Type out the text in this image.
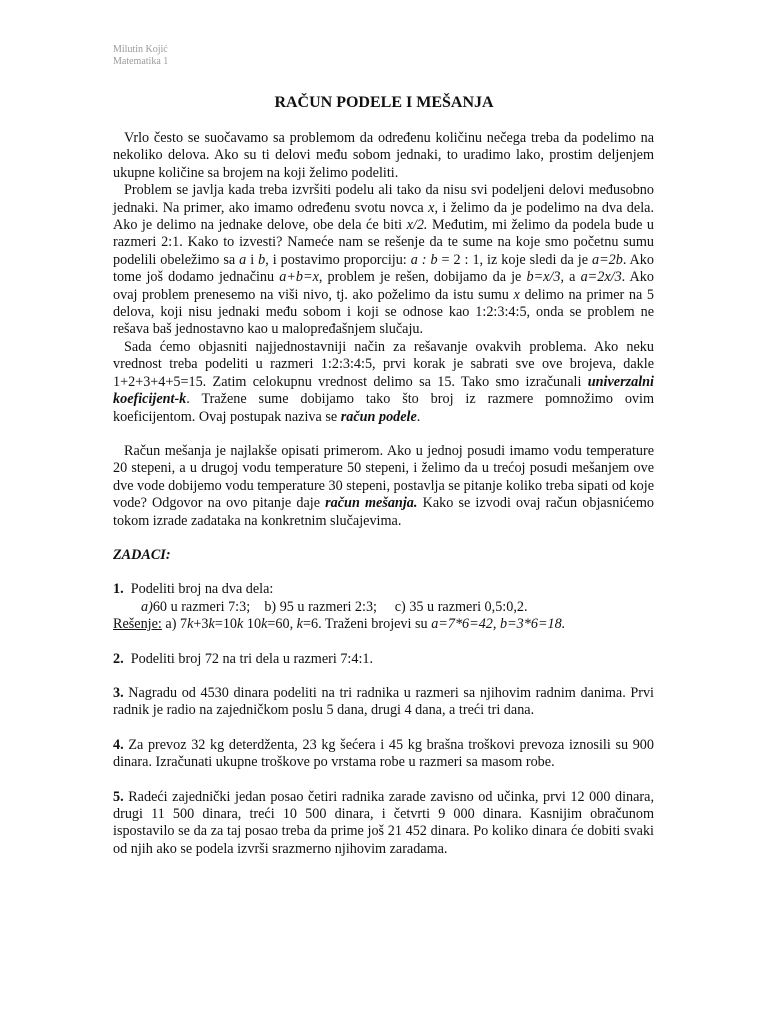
Milutin Kojić
Matematika 1
RAČUN PODELE I MEŠANJA

Vrlo često se suočavamo sa problemom da određenu količinu nečega treba da podelimo na nekoliko delova. Ako su ti delovi među sobom jednaki, to uradimo lako, prostim deljenjem ukupne količine sa brojem na koji želimo podeliti.

Problem se javlja kada treba izvršiti podelu ali tako da nisu svi podeljeni delovi međusobno jednaki. Na primer, ako imamo određenu svotu novca x, i želimo da je podelimo na dva dela. Ako je delimo na jednake delove, obe dela će biti x/2. Međutim, mi želimo da podela bude u razmeri 2:1. Kako to izvesti? Nameće nam se rešenje da te sume na koje smo početnu sumu podelili obeležimo sa a i b, i postavimo proporciju: a : b = 2 : 1, iz koje sledi da je a=2b. Ako tome još dodamo jednačinu a+b=x, problem je rešen, dobijamo da je b=x/3, a a=2x/3. Ako ovaj problem prenesemo na viši nivo, tj. ako poželimo da istu sumu x delimo na primer na 5 delova, koji nisu jednaki među sobom i koji se odnose kao 1:2:3:4:5, onda se problem ne rešava baš jednostavno kao u malopređašnjem slučaju.

Sada ćemo objasniti najjednostavniji način za rešavanje ovakvih problema. Ako neku vrednost treba podeliti u razmeri 1:2:3:4:5, prvi korak je sabrati sve ove brojeva, dakle 1+2+3+4+5=15. Zatim celokupnu vrednost delimo sa 15. Tako smo izračunali univerzalni koeficijent-k. Tražene sume dobijamo tako što broj iz razmere pomnožimo ovim koeficijentom. Ovaj postupak naziva se račun podele.

Račun mešanja je najlakše opisati primerom. Ako u jednoj posudi imamo vodu temperature 20 stepeni, a u drugoj vodu temperature 50 stepeni, i želimo da u trećoj posudi mešanjem ove dve vode dobijemo vodu temperature 30 stepeni, postavlja se pitanje koliko treba sipati od koje vode? Odgovor na ovo pitanje daje račun mešanja. Kako se izvodi ovaj račun objasnićemo tokom izrade zadataka na konkretnim slučajevima.

ZADACI:

1. Podeliti broj na dva dela:

a)60 u razmeri 7:3; b) 95 u razmeri 2:3; c) 35 u razmeri 0,5:0,2.

Rešenje: a) 7k+3k=10k 10k=60, k=6. Traženi brojevi su a=7*6=42, b=3*6=18.

2. Podeliti broj 72 na tri dela u razmeri 7:4:1.

3. Nagradu od 4530 dinara podeliti na tri radnika u razmeri sa njihovim radnim danima. Prvi radnik je radio na zajedničkom poslu 5 dana, drugi 4 dana, a treći tri dana.

4. Za prevoz 32 kg deterdženta, 23 kg šećera i 45 kg brašna troškovi prevoza iznosili su 900 dinara. Izračunati ukupne troškove po vrstama robe u razmeri sa masom robe.

5. Radeći zajednički jedan posao četiri radnika zarade zavisno od učinka, prvi 12 000 dinara, drugi 11 500 dinara, treći 10 500 dinara, i četvrti 9 000 dinara. Kasnijim obračunom ispostavilo se da za taj posao treba da prime još 21 452 dinara. Po koliko dinara će dobiti svaki od njih ako se podela izvrši srazmerno njihovim zaradama.
